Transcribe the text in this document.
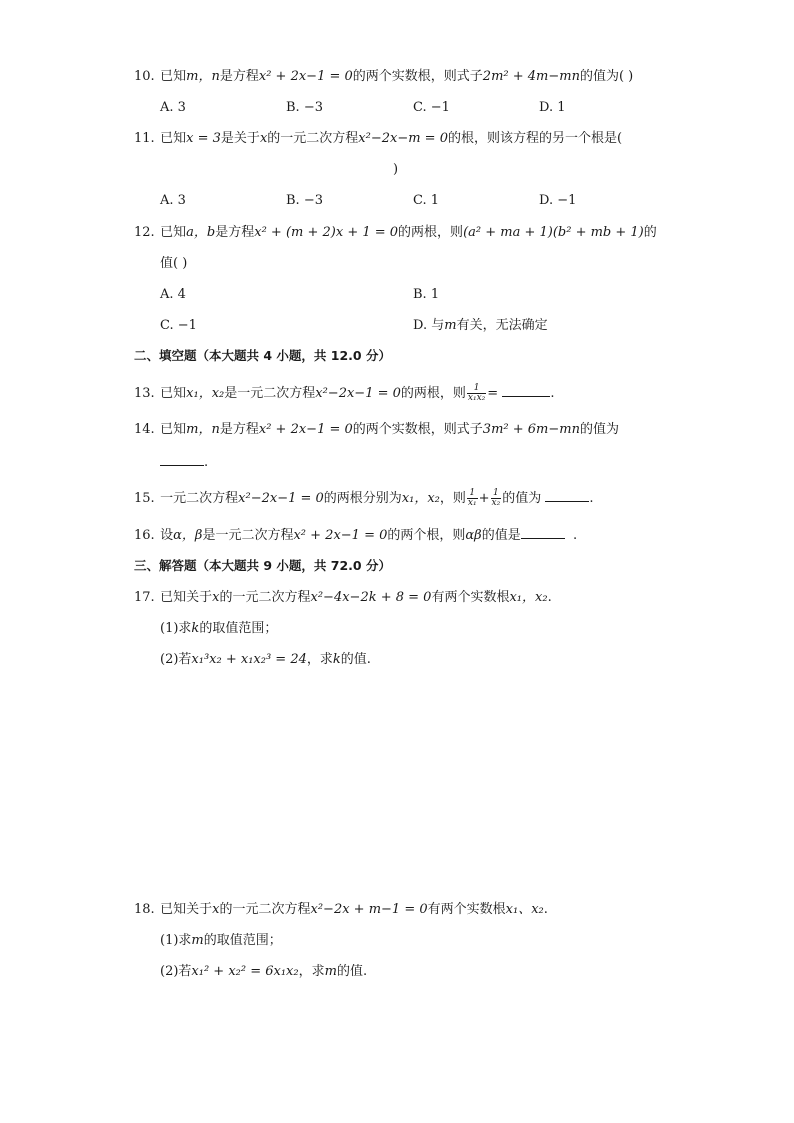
10. 已知m，n是方程x² + 2x−1 = 0的两个实数根，则式子2m² + 4m−mn的值为( )
A. 3	B. −3	C. −1	D. 1
11. 已知x = 3是关于x的一元二次方程x²−2x−m = 0的根，则该方程的另一个根是(
)
A. 3	B. −3	C. 1	D. −1
12. 已知a，b是方程x² + (m + 2)x + 1 = 0的两根，则(a² + ma + 1)(b² + mb + 1)的
值( )
A. 4	B. 1
C. −1	D. 与m有关，无法确定
二、填空题（本大题共 4 小题，共 12.0 分）
13. 已知x₁，x₂是一元二次方程x²−2x−1 = 0的两根，则 $\frac{1}{\text{x₁x₂}}$ =	.
14. 已知m，n是方程x² + 2x−1 = 0的两个实数根，则式子3m² + 6m−mn的值为
.
15. 一元二次方程x²−2x−1 = 0的两根分别为x₁，x₂，则 $\frac{1}{\text{x₁}} + \frac{1}{\text{x₂}}$ 的值为	.
16. 设α，β是一元二次方程x² + 2x−1 = 0的两个根，则αβ的值是	.
三、解答题（本大题共 9 小题，共 72.0 分）
17. 已知关于x的一元二次方程x²−4x−2k + 8 = 0有两个实数根x₁，x₂.
(1)求k的取值范围；
(2)若x₁³x₂ + x₁x₂³ = 24，求k的值.
18. 已知关于x的一元二次方程x²−2x + m−1 = 0有两个实数根x₁、x₂.
(1)求m的取值范围；
(2)若x₁² + x₂² = 6x₁x₂，求m的值.
